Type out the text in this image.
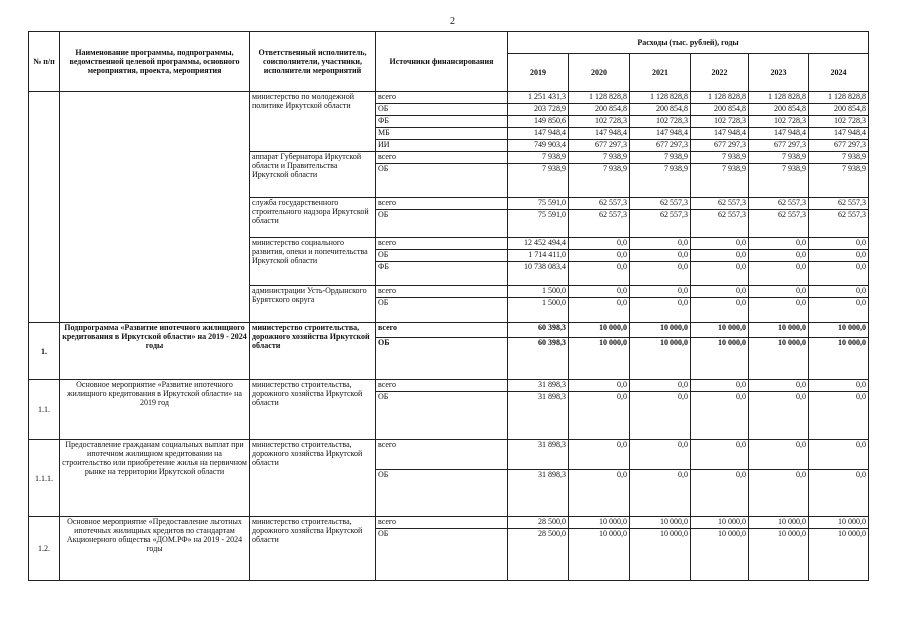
2
№ п/п	Наименование программы, подпрограммы, ведомственной целевой программы, основного мероприятия, проекта, мероприятия	Ответственный исполнитель, соисполнители, участники, исполнители мероприятий	Источники финансирования	Расходы (тыс. рублей), годы					
				2019	2020	2021	2022	2023	2024
		министерство по молодежной политике Иркутской области	всего	1 251 431,3	1 128 828,8	1 128 828,8	1 128 828,8	1 128 828,8	1 128 828,8
			ОБ	203 728,9	200 854,8	200 854,8	200 854,8	200 854,8	200 854,8
			ФБ	149 850,6	102 728,3	102 728,3	102 728,3	102 728,3	102 728,3
			МБ	147 948,4	147 948,4	147 948,4	147 948,4	147 948,4	147 948,4
			ИИ	749 903,4	677 297,3	677 297,3	677 297,3	677 297,3	677 297,3
		аппарат Губернатора Иркутской области и Правительства Иркутской области	всего	7 938,9	7 938,9	7 938,9	7 938,9	7 938,9	7 938,9
			ОБ	7 938,9	7 938,9	7 938,9	7 938,9	7 938,9	7 938,9
		служба государственного строительного надзора Иркутской области	всего	75 591,0	62 557,3	62 557,3	62 557,3	62 557,3	62 557,3
			ОБ	75 591,0	62 557,3	62 557,3	62 557,3	62 557,3	62 557,3
		министерство социального развития, опеки и попечительства Иркутской области	всего	12 452 494,4	0,0	0,0	0,0	0,0	0,0
			ОБ	1 714 411,0	0,0	0,0	0,0	0,0	0,0
			ФБ	10 738 083,4	0,0	0,0	0,0	0,0	0,0
		администрации Усть-Ордынского Бурятского округа	всего	1 500,0	0,0	0,0	0,0	0,0	0,0
			ОБ	1 500,0	0,0	0,0	0,0	0,0	0,0
1.	Подпрограмма «Развитие ипотечного жилищного кредитования в Иркутской области» на 2019 - 2024 годы	министерство строительства, дорожного хозяйства Иркутской области	всего	60 398,3	10 000,0	10 000,0	10 000,0	10 000,0	10 000,0
			ОБ	60 398,3	10 000,0	10 000,0	10 000,0	10 000,0	10 000,0
1.1.	Основное мероприятие «Развитие ипотечного жилищного кредитования в Иркутской области» на 2019 год	министерство строительства, дорожного хозяйства Иркутской области	всего	31 898,3	0,0	0,0	0,0	0,0	0,0
			ОБ	31 898,3	0,0	0,0	0,0	0,0	0,0
1.1.1.	Предоставление гражданам социальных выплат при ипотечном жилищном кредитовании на строительство или приобретение жилья на первичном рынке на территории Иркутской области	министерство строительства, дорожного хозяйства Иркутской области	всего	31 898,3	0,0	0,0	0,0	0,0	0,0
			ОБ	31 898,3	0,0	0,0	0,0	0,0	0,0
1.2.	Основное мероприятие «Предоставление льготных ипотечных жилищных кредитов по стандартам Акционерного общества «ДОМ.РФ» на 2019 - 2024 годы	министерство строительства, дорожного хозяйства Иркутской области	всего	28 500,0	10 000,0	10 000,0	10 000,0	10 000,0	10 000,0
			ОБ	28 500,0	10 000,0	10 000,0	10 000,0	10 000,0	10 000,0
